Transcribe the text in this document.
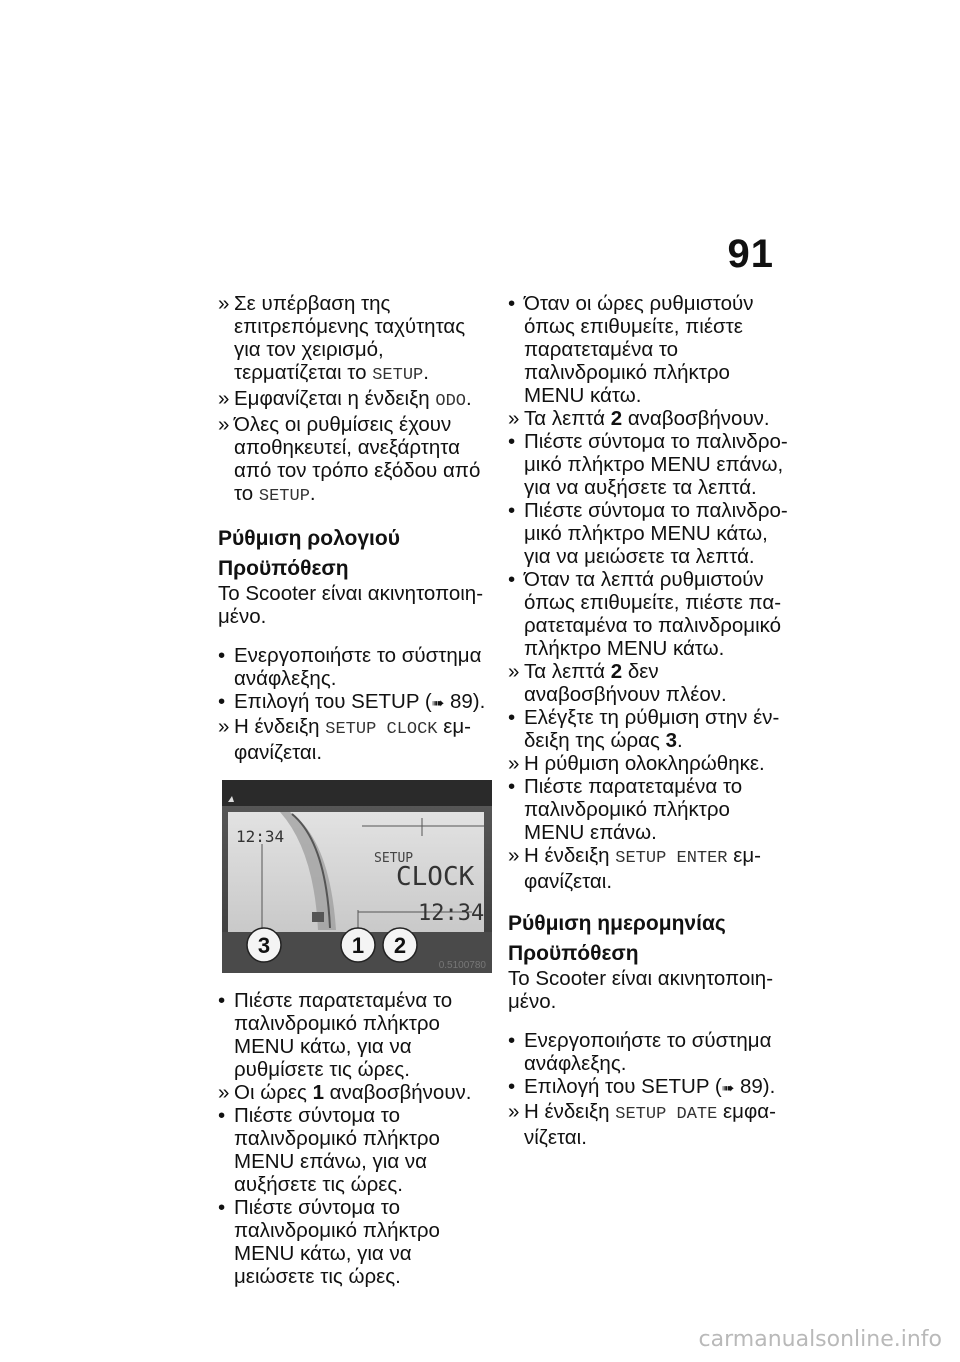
91

» Σε υπέρβαση της επιτρεπόμενης ταχύτητας για τον χειρισμό, τερματίζεται το SETUP.

» Εμφανίζεται η ένδειξη ODO.

» Όλες οι ρυθμίσεις έχουν αποθηκευτεί, ανεξάρτητα από τον τρόπο εξόδου από το SETUP.

Ρύθμιση ρολογιού

Προϋπόθεση

Το Scooter είναι ακινητοποιημένο.

• Ενεργοποιήστε το σύστημα ανάφλεξης.

• Επιλογή του SETUP (➠ 89).

» Η ένδειξη SETUP CLOCK εμφανίζεται.

12:34
SETUP
CLOCK
12:34
3	1 2
0.5100780

• Πιέστε παρατεταμένα το παλινδρομικό πλήκτρο MENU κάτω, για να ρυθμίσετε τις ώρες.

» Οι ώρες 1 αναβοσβήνουν.

• Πιέστε σύντομα το παλινδρομικό πλήκτρο MENU επάνω, για να αυξήσετε τις ώρες.

• Πιέστε σύντομα το παλινδρομικό πλήκτρο MENU κάτω, για να μειώσετε τις ώρες.

• Όταν οι ώρες ρυθμιστούν όπως επιθυμείτε, πιέστε παρατεταμένα το παλινδρομικό πλήκτρο MENU κάτω.

» Τα λεπτά 2 αναβοσβήνουν.

• Πιέστε σύντομα το παλινδρομικό πλήκτρο MENU επάνω, για να αυξήσετε τα λεπτά.

• Πιέστε σύντομα το παλινδρομικό πλήκτρο MENU κάτω, για να μειώσετε τα λεπτά.

• Όταν τα λεπτά ρυθμιστούν όπως επιθυμείτε, πιέστε παρατεταμένα το παλινδρομικό πλήκτρο MENU κάτω.

» Τα λεπτά 2 δεν αναβοσβήνουν πλέον.

• Ελέγξτε τη ρύθμιση στην ένδειξη της ώρας 3.

» Η ρύθμιση ολοκληρώθηκε.

• Πιέστε παρατεταμένα το παλινδρομικό πλήκτρο MENU επάνω.

» Η ένδειξη SETUP ENTER εμφανίζεται.

Ρύθμιση ημερομηνίας

Προϋπόθεση

Το Scooter είναι ακινητοποιημένο.

• Ενεργοποιήστε το σύστημα ανάφλεξης.

• Επιλογή του SETUP (➠ 89).

» Η ένδειξη SETUP DATE εμφανίζεται.

carmanualsonline.info
